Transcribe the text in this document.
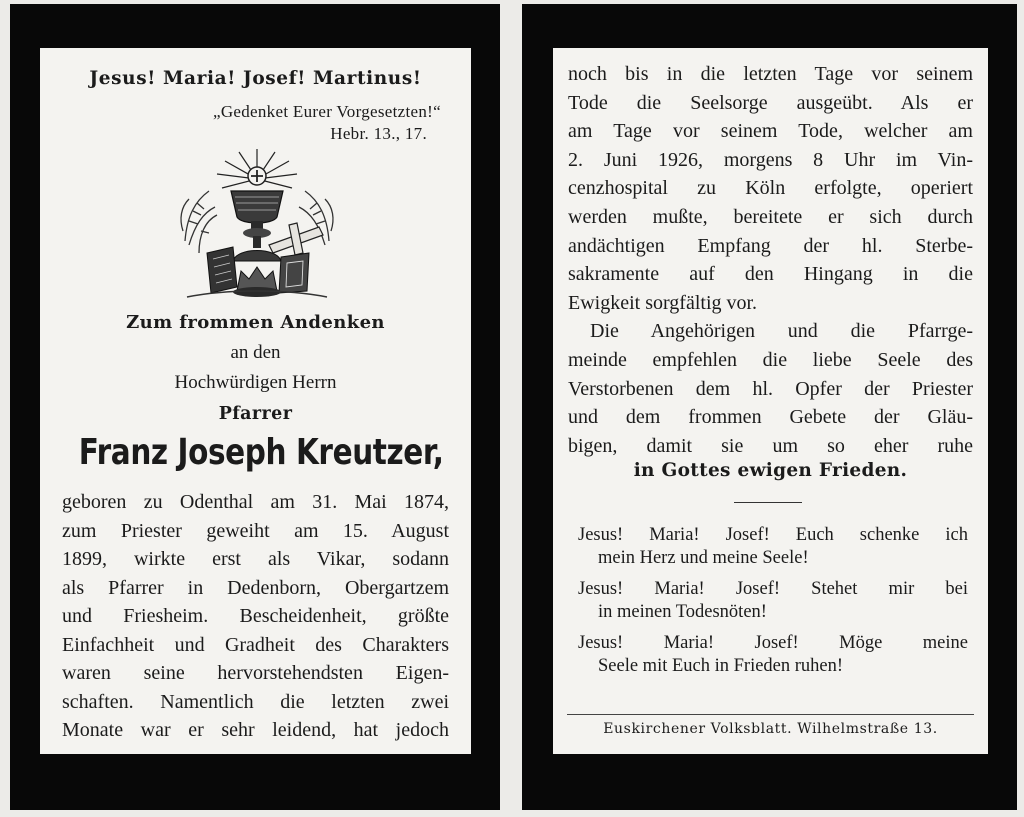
Jesus! Maria! Josef! Martinus!
„Gedenket Eurer Vorgesetzten!“
Hebr. 13., 17.
Zum frommen Andenken
an den
Hochwürdigen Herrn
Pfarrer
Franz Joseph Kreutzer,
geboren zu Odenthal am 31. Mai 1874,
zum Priester geweiht am 15. August
1899, wirkte erst als Vikar, sodann
als Pfarrer in Dedenborn, Obergartzem
und Friesheim. Bescheidenheit, größte
Einfachheit und Gradheit des Charakters
waren seine hervorstehendsten Eigen-
schaften. Namentlich die letzten zwei
Monate war er sehr leidend, hat jedoch
noch bis in die letzten Tage vor seinem
Tode die Seelsorge ausgeübt. Als er
am Tage vor seinem Tode, welcher am
2. Juni 1926, morgens 8 Uhr im Vin-
cenzhospital zu Köln erfolgte, operiert
werden mußte, bereitete er sich durch
andächtigen Empfang der hl. Sterbe-
sakramente auf den Hingang in die
Ewigkeit sorgfältig vor.
Die Angehörigen und die Pfarrge-
meinde empfehlen die liebe Seele des
Verstorbenen dem hl. Opfer der Priester
und dem frommen Gebete der Gläu-
bigen, damit sie um so eher ruhe
in Gottes ewigen Frieden.
Jesus! Maria! Josef! Euch schenke ich
mein Herz und meine Seele!
Jesus! Maria! Josef! Stehet mir bei
in meinen Todesnöten!
Jesus! Maria! Josef! Möge meine
Seele mit Euch in Frieden ruhen!
Euskirchener Volksblatt. Wilhelmstraße 13.
